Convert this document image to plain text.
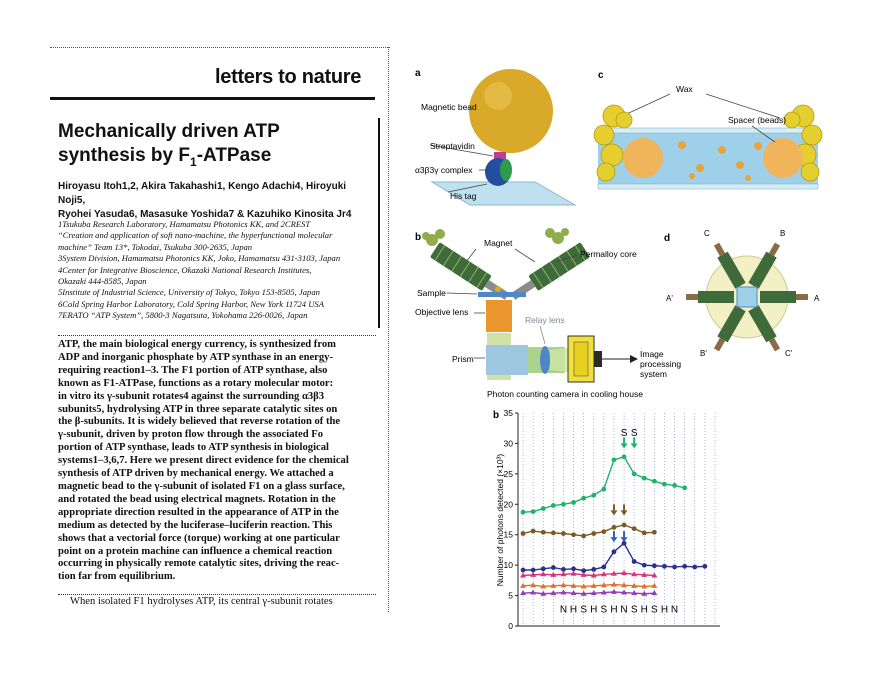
letters to nature
Mechanically driven ATP
synthesis by $F_1$-ATPase
Hiroyasu Itoh1,2, Akira Takahashi1, Kengo Adachi4, Hiroyuki Noji5,
Ryohei Yasuda6, Masasuke Yoshida7 & Kazuhiko Kinosita Jr4
1Tsukuba Research Laboratory, Hamamatsu Photonics KK, and 2CREST
“Creation and application of soft nano-machine, the hyperfunctional molecular
machine” Team 13*, Tokodai, Tsukuba 300-2635, Japan
3System Division, Hamamatsu Photonics KK, Joko, Hamamatsu 431-3103, Japan
4Center for Integrative Bioscience, Okazaki National Research Institutes,
Okazaki 444-8585, Japan
5Institute of Industrial Science, University of Tokyo, Tokyo 153-8505, Japan
6Cold Spring Harbor Laboratory, Cold Spring Harbor, New York 11724 USA
7ERATO “ATP System”, 5800-3 Nagatsuta, Yokohama 226-0026, Japan
ATP, the main biological energy currency, is synthesized from
ADP and inorganic phosphate by ATP synthase in an energy-
requiring reaction1–3. The F1 portion of ATP synthase, also
known as F1-ATPase, functions as a rotary molecular motor:
in vitro its γ-subunit rotates4 against the surrounding α3β3
subunits5, hydrolysing ATP in three separate catalytic sites on
the β-subunits. It is widely believed that reverse rotation of the
γ-subunit, driven by proton flow through the associated Fo
portion of ATP synthase, leads to ATP synthesis in biological
systems1–3,6,7. Here we present direct evidence for the chemical
synthesis of ATP driven by mechanical energy. We attached a
magnetic bead to the γ-subunit of isolated F1 on a glass surface,
and rotated the bead using electrical magnets. Rotation in the
appropriate direction resulted in the appearance of ATP in the
medium as detected by the luciferase–luciferin reaction. This
shows that a vectorial force (torque) working at one particular
point on a protein machine can influence a chemical reaction
occurring in physically remote catalytic sites, driving the reac-
tion far from equilibrium.
When isolated F1 hydrolyses ATP, its central γ-subunit rotates
a
Magnetic bead
Streptavidin
α3β3γ complex
His tag
c
Wax
Spacer (beads)
b	Magnet
Permalloy core
Sample
Objective lens
Relay lens
Prism	Image
processing
system
Photon counting camera in cooling house
d
A
A'
B
B'
C
C'
b
Number of photons detected (×10³)
0
5
10
15
20
25
30
35
S S
N H S H S H N S H S H N
